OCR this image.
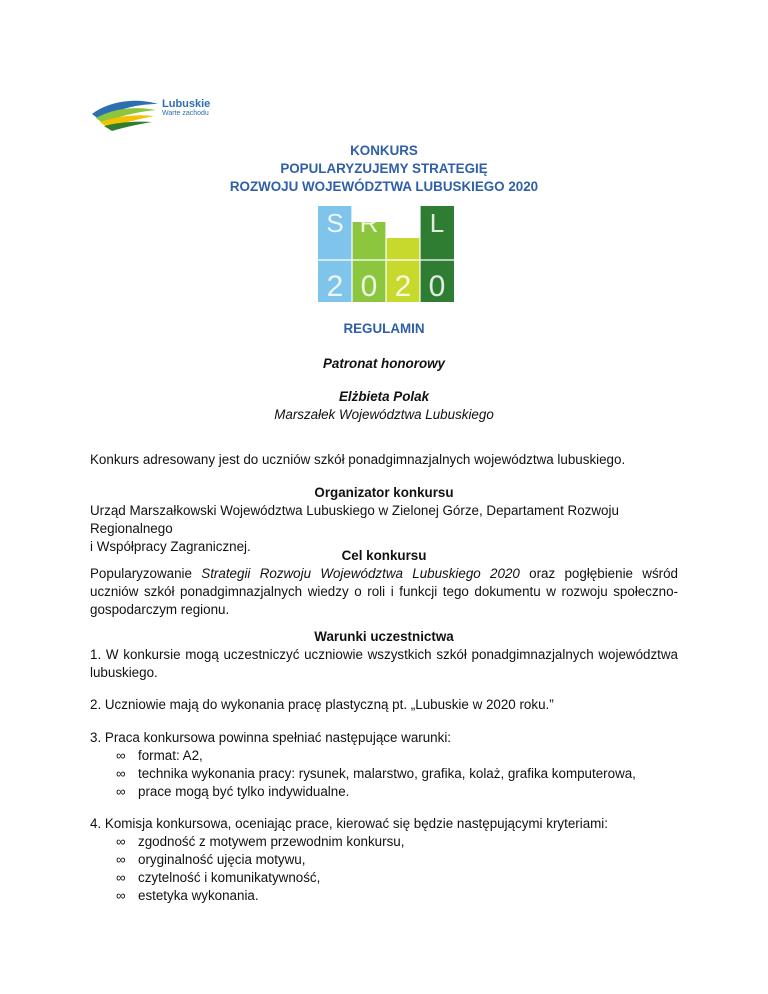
Lubuskie
Warte zachodu
KONKURS
POPULARYZUJEMY STRATEGIĘ
ROZWOJU WOJEWÓDZTWA LUBUSKIEGO 2020
S R W L
2 0 2 0
REGULAMIN
Patronat honorowy
Elżbieta Polak
Marszałek Województwa Lubuskiego
Konkurs adresowany jest do uczniów szkół ponadgimnazjalnych województwa lubuskiego.
Organizator konkursu
Urząd Marszałkowski Województwa Lubuskiego w Zielonej Górze, Departament Rozwoju Regionalnego
i Współpracy Zagranicznej.
Cel konkursu
Popularyzowanie Strategii Rozwoju Województwa Lubuskiego 2020 oraz pogłębienie wśród uczniów szkół ponadgimnazjalnych wiedzy o roli i funkcji tego dokumentu w rozwoju społeczno-gospodarczym regionu.
Warunki uczestnictwa
1. W konkursie mogą uczestniczyć uczniowie wszystkich szkół ponadgimnazjalnych województwa lubuskiego.
2. Uczniowie mają do wykonania pracę plastyczną pt. „Lubuskie w 2020 roku.”
3. Praca konkursowa powinna spełniać następujące warunki:
∞ format: A2,
∞ technika wykonania pracy: rysunek, malarstwo, grafika, kolaż, grafika komputerowa,
∞ prace mogą być tylko indywidualne.
4. Komisja konkursowa, oceniając prace, kierować się będzie następującymi kryteriami:
∞ zgodność z motywem przewodnim konkursu,
∞ oryginalność ujęcia motywu,
∞ czytelność i komunikatywność,
∞ estetyka wykonania.
